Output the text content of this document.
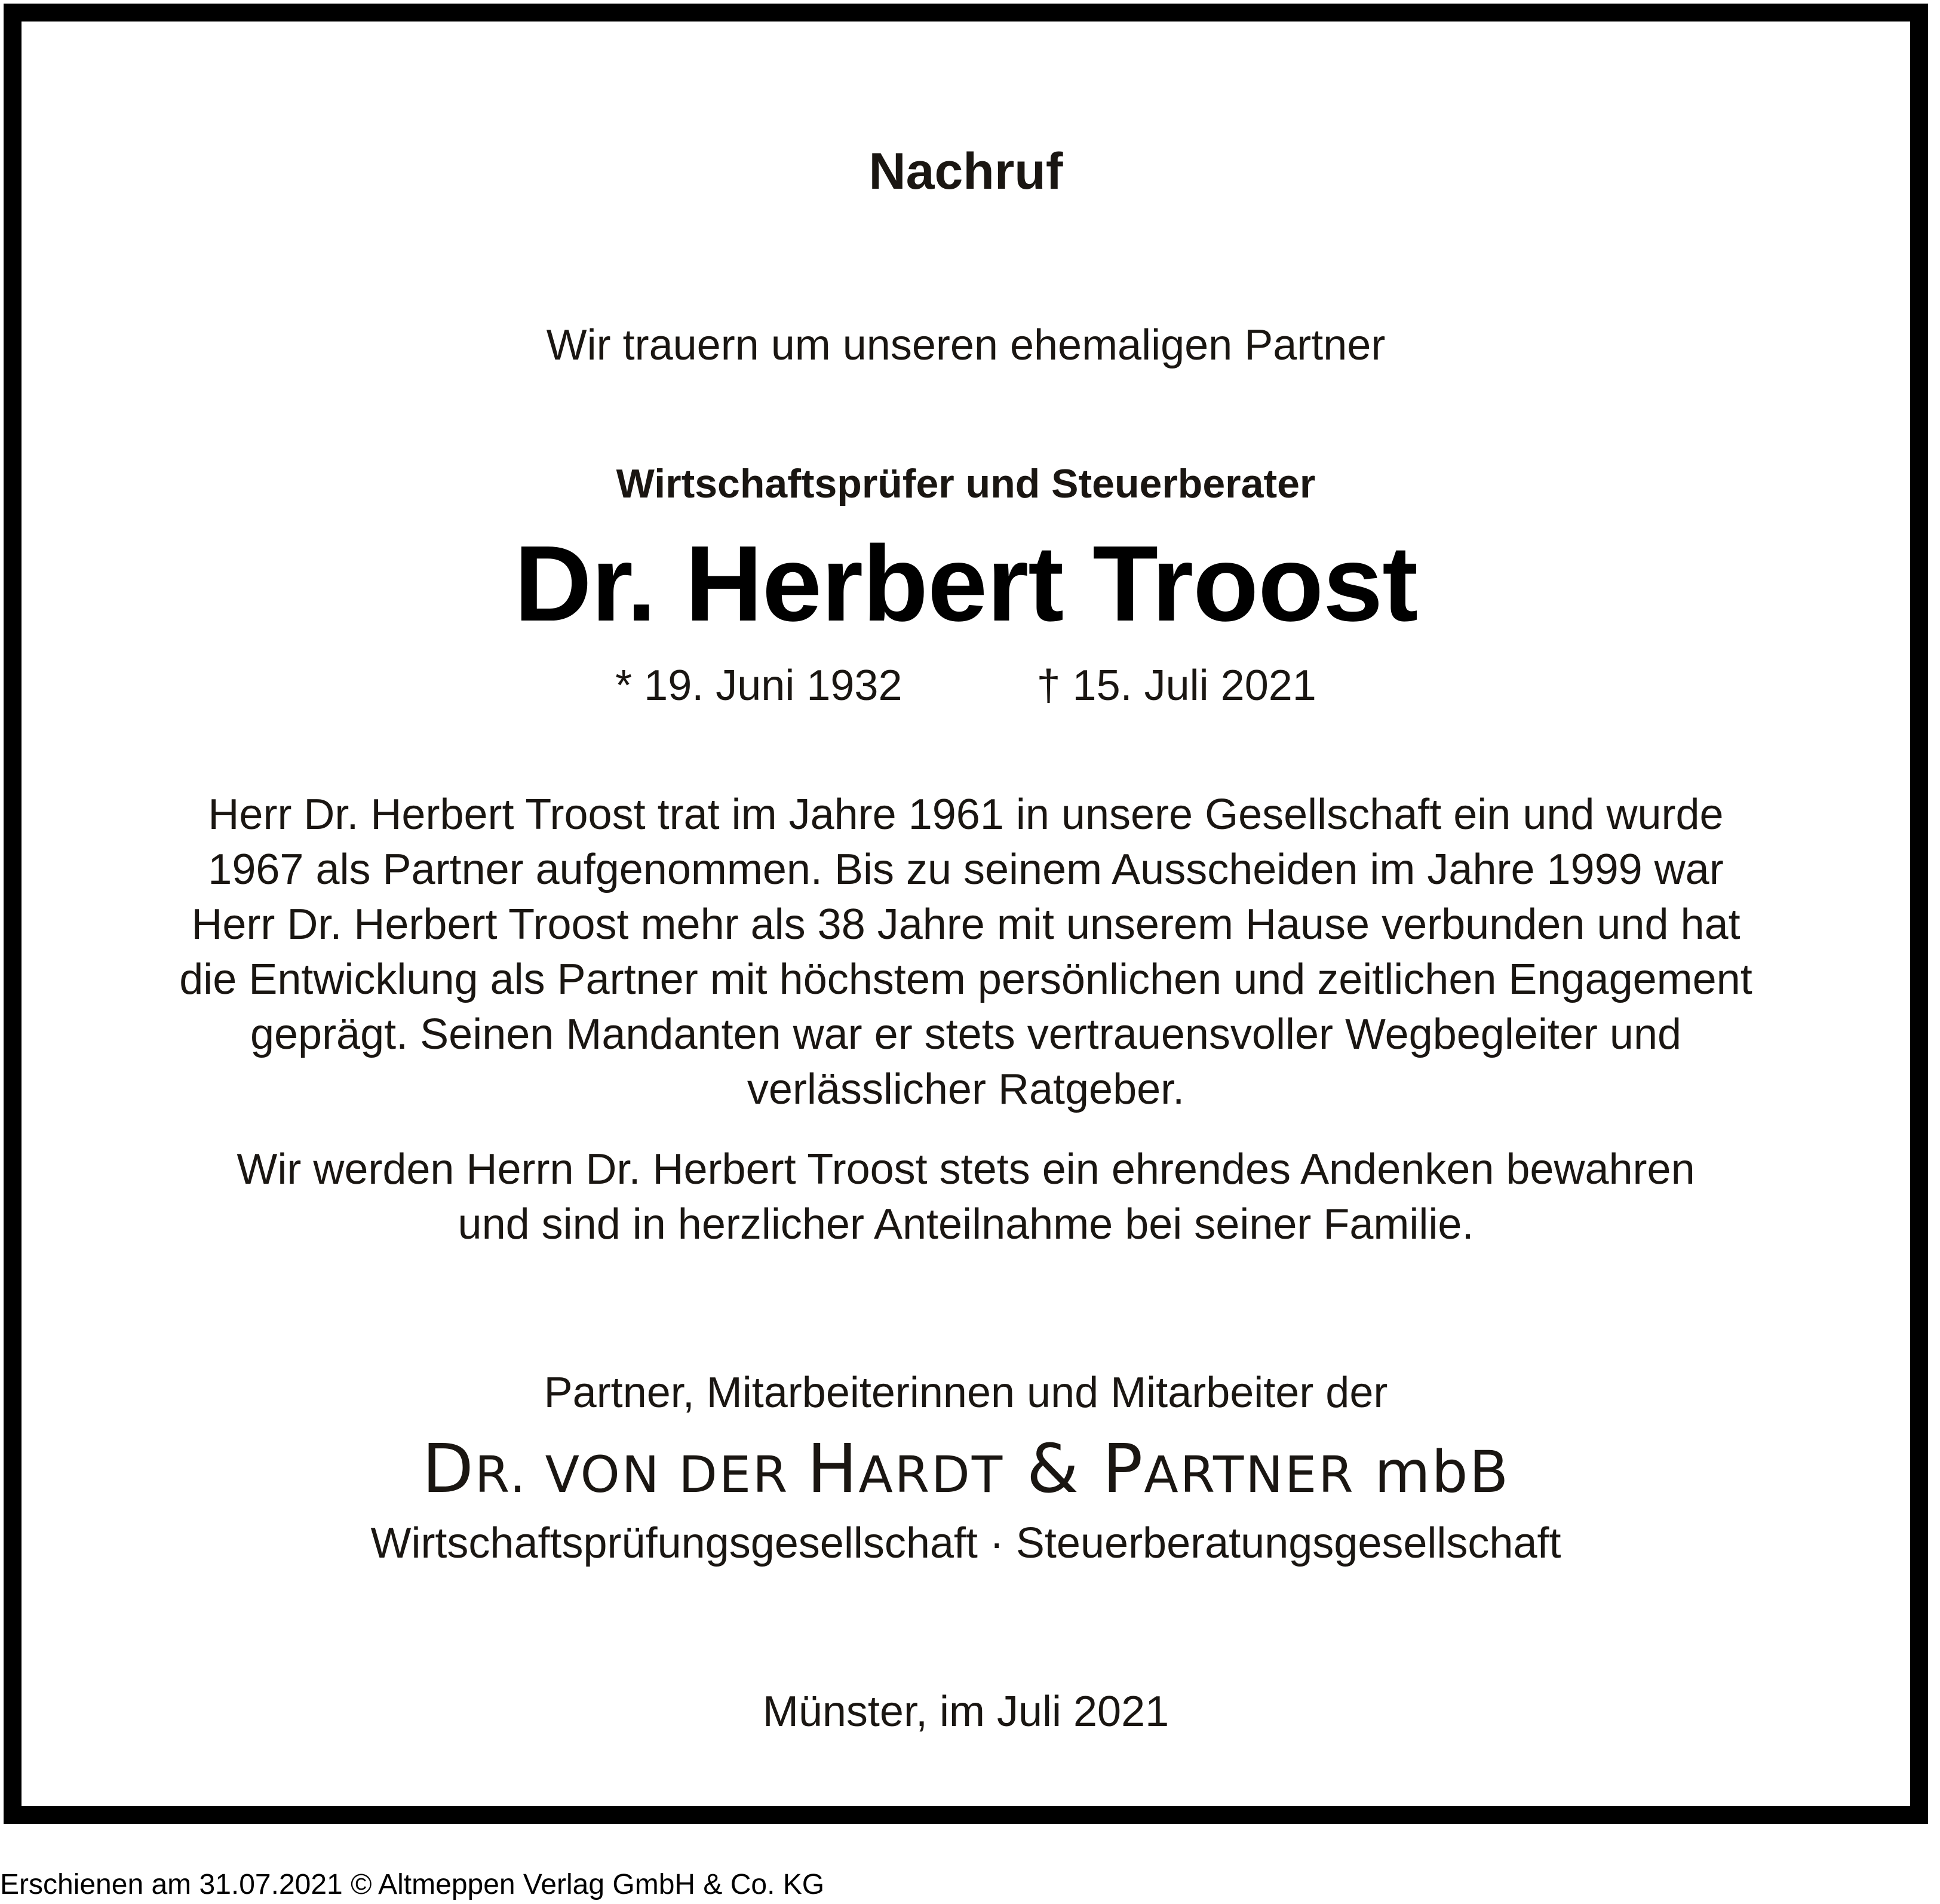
Nachruf
Wir trauern um unseren ehemaligen Partner
Wirtschaftsprüfer und Steuerberater
Dr. Herbert Troost
* 19. Juni 1932	† 15. Juli 2021
Herr Dr. Herbert Troost trat im Jahre 1961 in unsere Gesellschaft ein und wurde
1967 als Partner aufgenommen. Bis zu seinem Ausscheiden im Jahre 1999 war
Herr Dr. Herbert Troost mehr als 38 Jahre mit unserem Hause verbunden und hat
die Entwicklung als Partner mit höchstem persönlichen und zeitlichen Engagement
geprägt. Seinen Mandanten war er stets vertrauensvoller Wegbegleiter und
verlässlicher Ratgeber.
Wir werden Herrn Dr. Herbert Troost stets ein ehrendes Andenken bewahren
und sind in herzlicher Anteilnahme bei seiner Familie.
Partner, Mitarbeiterinnen und Mitarbeiter der
DR. VON DER HARDT & PARTNER mbB
Wirtschaftsprüfungsgesellschaft · Steuerberatungsgesellschaft
Münster, im Juli 2021
Erschienen am 31.07.2021 © Altmeppen Verlag GmbH & Co. KG
